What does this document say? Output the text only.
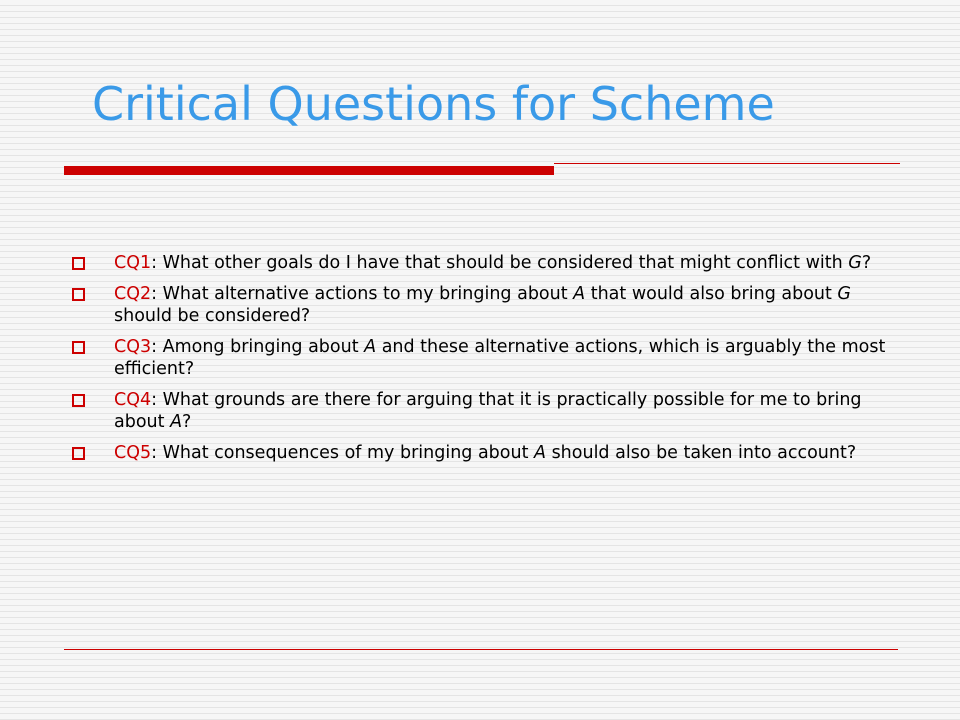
Critical Questions for Scheme
CQ1: What other goals do I have that should be considered that might conflict with G?
CQ2: What alternative actions to my bringing about A that would also bring about G should be considered?
CQ3: Among bringing about A and these alternative actions, which is arguably the most efficient?
CQ4: What grounds are there for arguing that it is practically possible for me to bring about A?
CQ5: What consequences of my bringing about A should also be taken into account?
